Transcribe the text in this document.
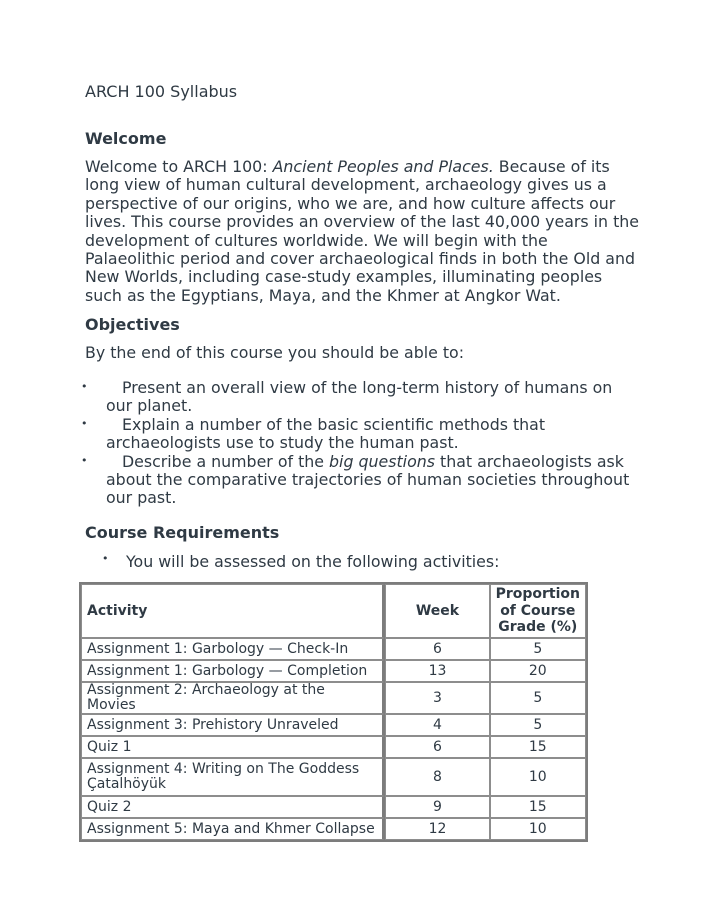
ARCH 100 Syllabus
Welcome

Welcome to ARCH 100: Ancient Peoples and Places. Because of its long view of human cultural development, archaeology gives us a perspective of our origins, who we are, and how culture affects our lives. This course provides an overview of the last 40,000 years in the development of cultures worldwide. We will begin with the Palaeolithic period and cover archaeological finds in both the Old and New Worlds, including case-study examples, illuminating peoples such as the Egyptians, Maya, and the Khmer at Angkor Wat.

Objectives

By the end of this course you should be able to:

• Present an overall view of the long-term history of humans on our planet.
• Explain a number of the basic scientific methods that archaeologists use to study the human past.
• Describe a number of the big questions that archaeologists ask about the comparative trajectories of human societies throughout our past.
Course Requirements
• You will be assessed on the following activities:
Activity	Week	Proportion of Course Grade (%)
Assignment 1: Garbology — Check-In	6	5
Assignment 1: Garbology — Completion	13	20
Assignment 2: Archaeology at the Movies	3	5
Assignment 3: Prehistory Unraveled	4	5
Quiz 1	6	15
Assignment 4: Writing on The Goddess Çatalhöyük	8	10
Quiz 2	9	15
Assignment 5: Maya and Khmer Collapse	12	10
